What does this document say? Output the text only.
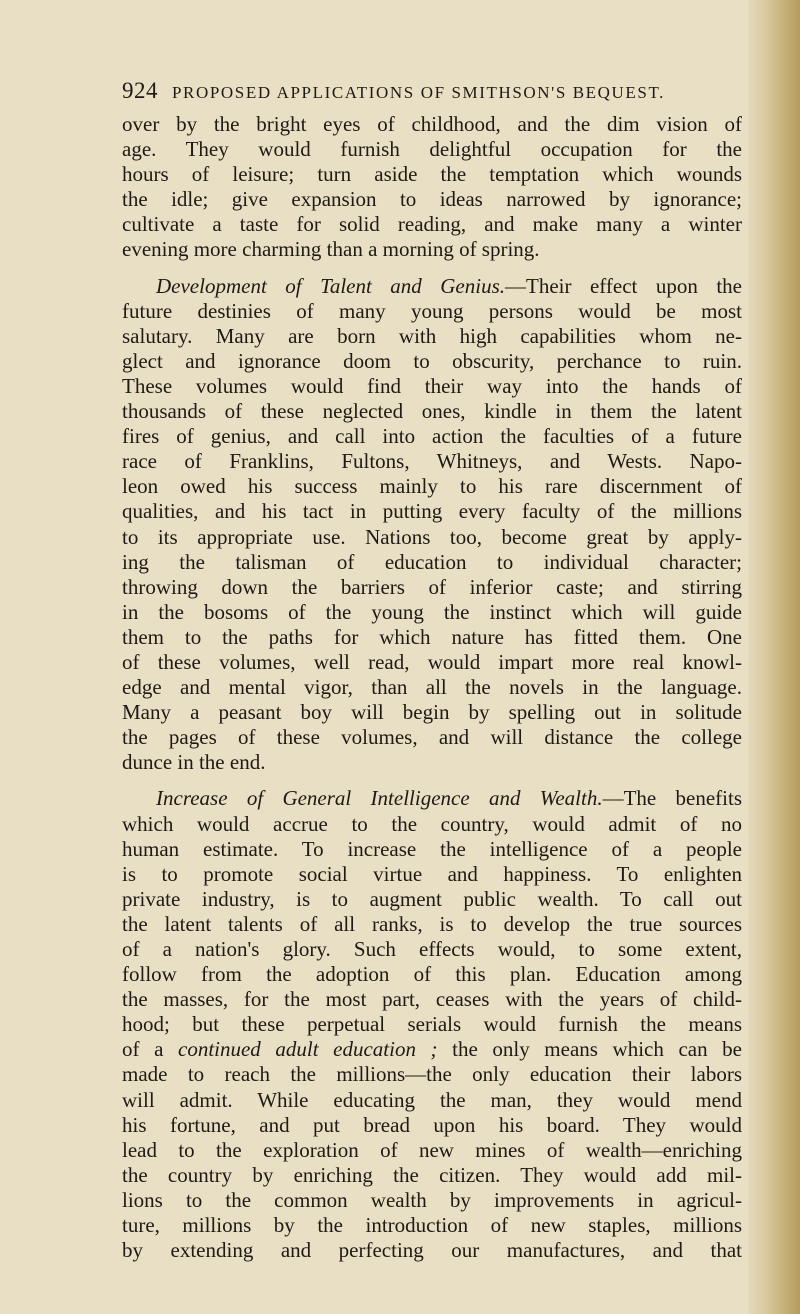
924 PROPOSED APPLICATIONS OF SMITHSON'S BEQUEST.
over by the bright eyes of childhood, and the dim vision of
age. They would furnish delightful occupation for the
hours of leisure; turn aside the temptation which wounds
the idle; give expansion to ideas narrowed by ignorance;
cultivate a taste for solid reading, and make many a winter
evening more charming than a morning of spring.
Development of Talent and Genius.—Their effect upon the
future destinies of many young persons would be most
salutary. Many are born with high capabilities whom ne-
glect and ignorance doom to obscurity, perchance to ruin.
These volumes would find their way into the hands of
thousands of these neglected ones, kindle in them the latent
fires of genius, and call into action the faculties of a future
race of Franklins, Fultons, Whitneys, and Wests. Napo-
leon owed his success mainly to his rare discernment of
qualities, and his tact in putting every faculty of the millions
to its appropriate use. Nations too, become great by apply-
ing the talisman of education to individual character;
throwing down the barriers of inferior caste; and stirring
in the bosoms of the young the instinct which will guide
them to the paths for which nature has fitted them. One
of these volumes, well read, would impart more real knowl-
edge and mental vigor, than all the novels in the language.
Many a peasant boy will begin by spelling out in solitude
the pages of these volumes, and will distance the college
dunce in the end.
Increase of General Intelligence and Wealth.—The benefits
which would accrue to the country, would admit of no
human estimate. To increase the intelligence of a people
is to promote social virtue and happiness. To enlighten
private industry, is to augment public wealth. To call out
the latent talents of all ranks, is to develop the true sources
of a nation's glory. Such effects would, to some extent,
follow from the adoption of this plan. Education among
the masses, for the most part, ceases with the years of child-
hood; but these perpetual serials would furnish the means
of a continued adult education ; the only means which can be
made to reach the millions—the only education their labors
will admit. While educating the man, they would mend
his fortune, and put bread upon his board. They would
lead to the exploration of new mines of wealth—enriching
the country by enriching the citizen. They would add mil-
lions to the common wealth by improvements in agricul-
ture, millions by the introduction of new staples, millions
by extending and perfecting our manufactures, and that
